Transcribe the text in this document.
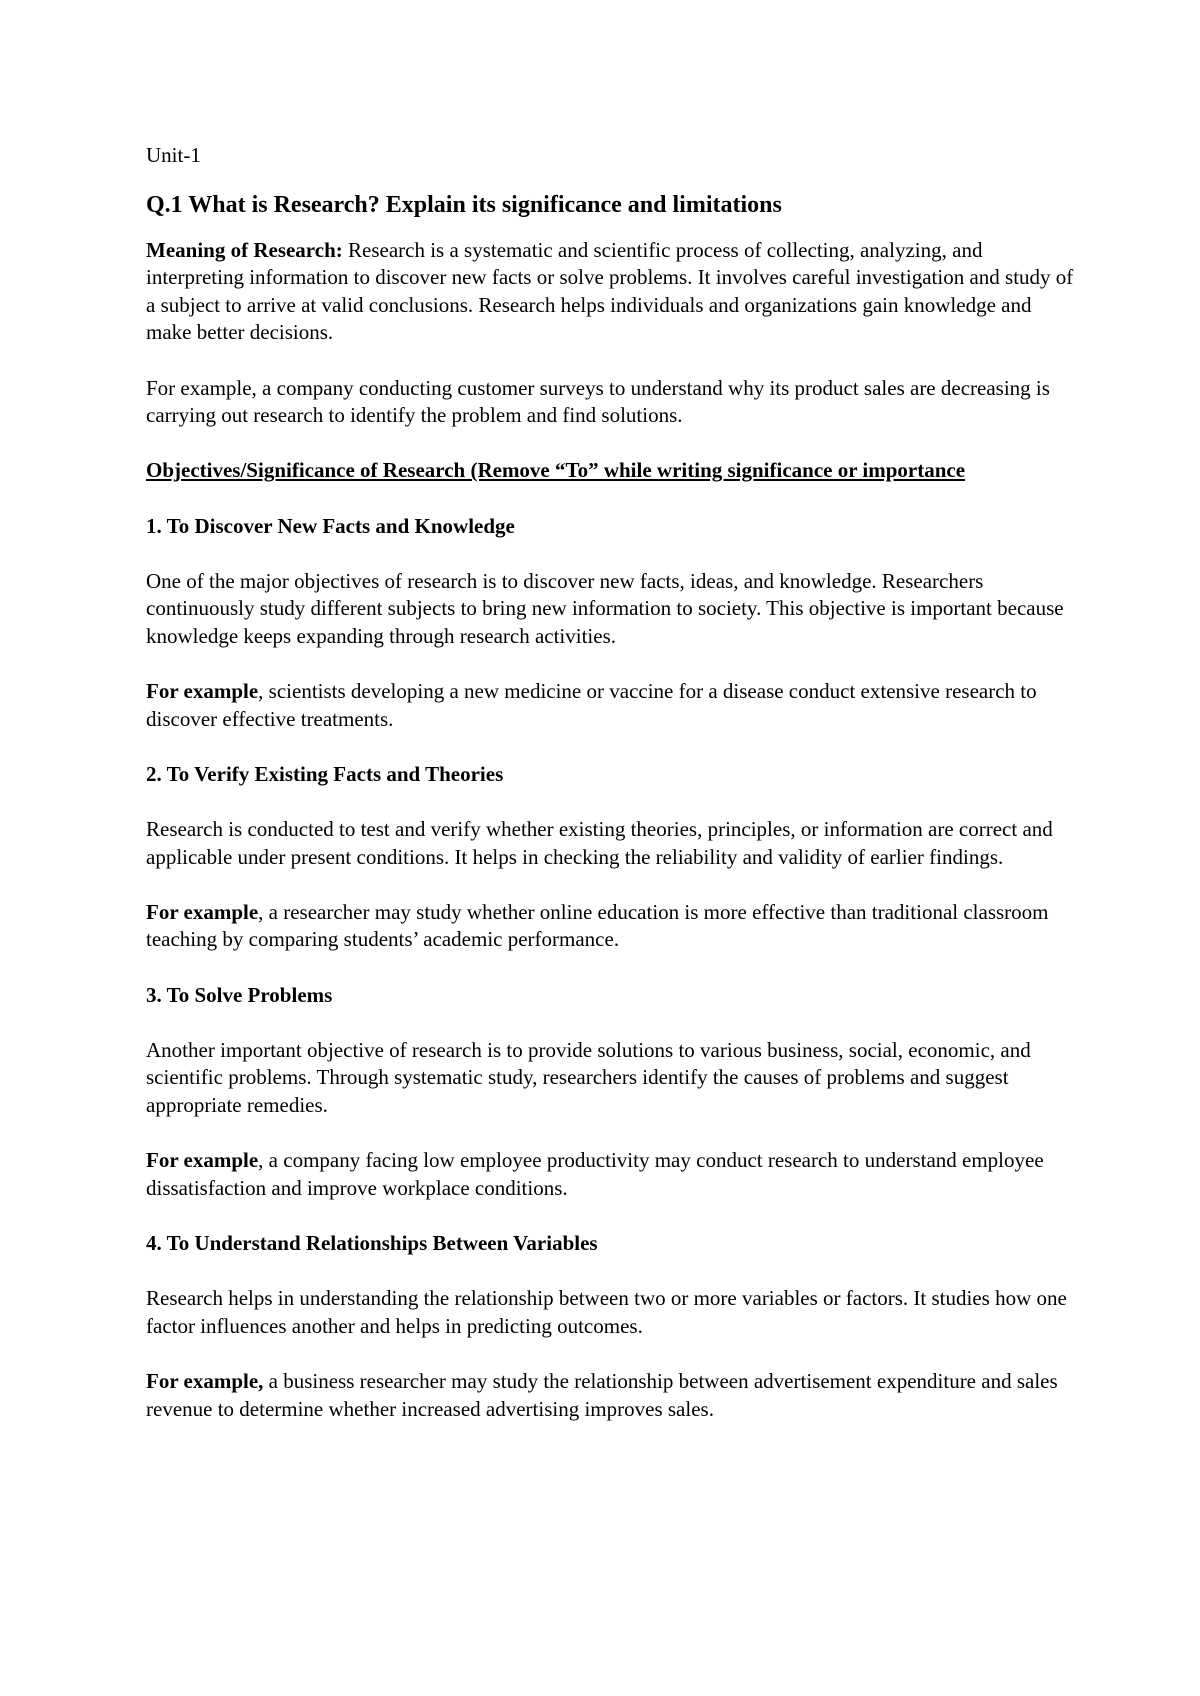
Unit-1
Q.1 What is Research? Explain its significance and limitations

Meaning of Research: Research is a systematic and scientific process of collecting, analyzing, and interpreting information to discover new facts or solve problems. It involves careful investigation and study of a subject to arrive at valid conclusions. Research helps individuals and organizations gain knowledge and make better decisions.

For example, a company conducting customer surveys to understand why its product sales are decreasing is carrying out research to identify the problem and find solutions.

Objectives/Significance of Research (Remove “To” while writing significance or importance

1. To Discover New Facts and Knowledge

One of the major objectives of research is to discover new facts, ideas, and knowledge. Researchers continuously study different subjects to bring new information to society. This objective is important because knowledge keeps expanding through research activities.

For example, scientists developing a new medicine or vaccine for a disease conduct extensive research to discover effective treatments.

2. To Verify Existing Facts and Theories

Research is conducted to test and verify whether existing theories, principles, or information are correct and applicable under present conditions. It helps in checking the reliability and validity of earlier findings.

For example, a researcher may study whether online education is more effective than traditional classroom teaching by comparing students’ academic performance.

3. To Solve Problems

Another important objective of research is to provide solutions to various business, social, economic, and scientific problems. Through systematic study, researchers identify the causes of problems and suggest appropriate remedies.

For example, a company facing low employee productivity may conduct research to understand employee dissatisfaction and improve workplace conditions.

4. To Understand Relationships Between Variables

Research helps in understanding the relationship between two or more variables or factors. It studies how one factor influences another and helps in predicting outcomes.

For example, a business researcher may study the relationship between advertisement expenditure and sales revenue to determine whether increased advertising improves sales.
